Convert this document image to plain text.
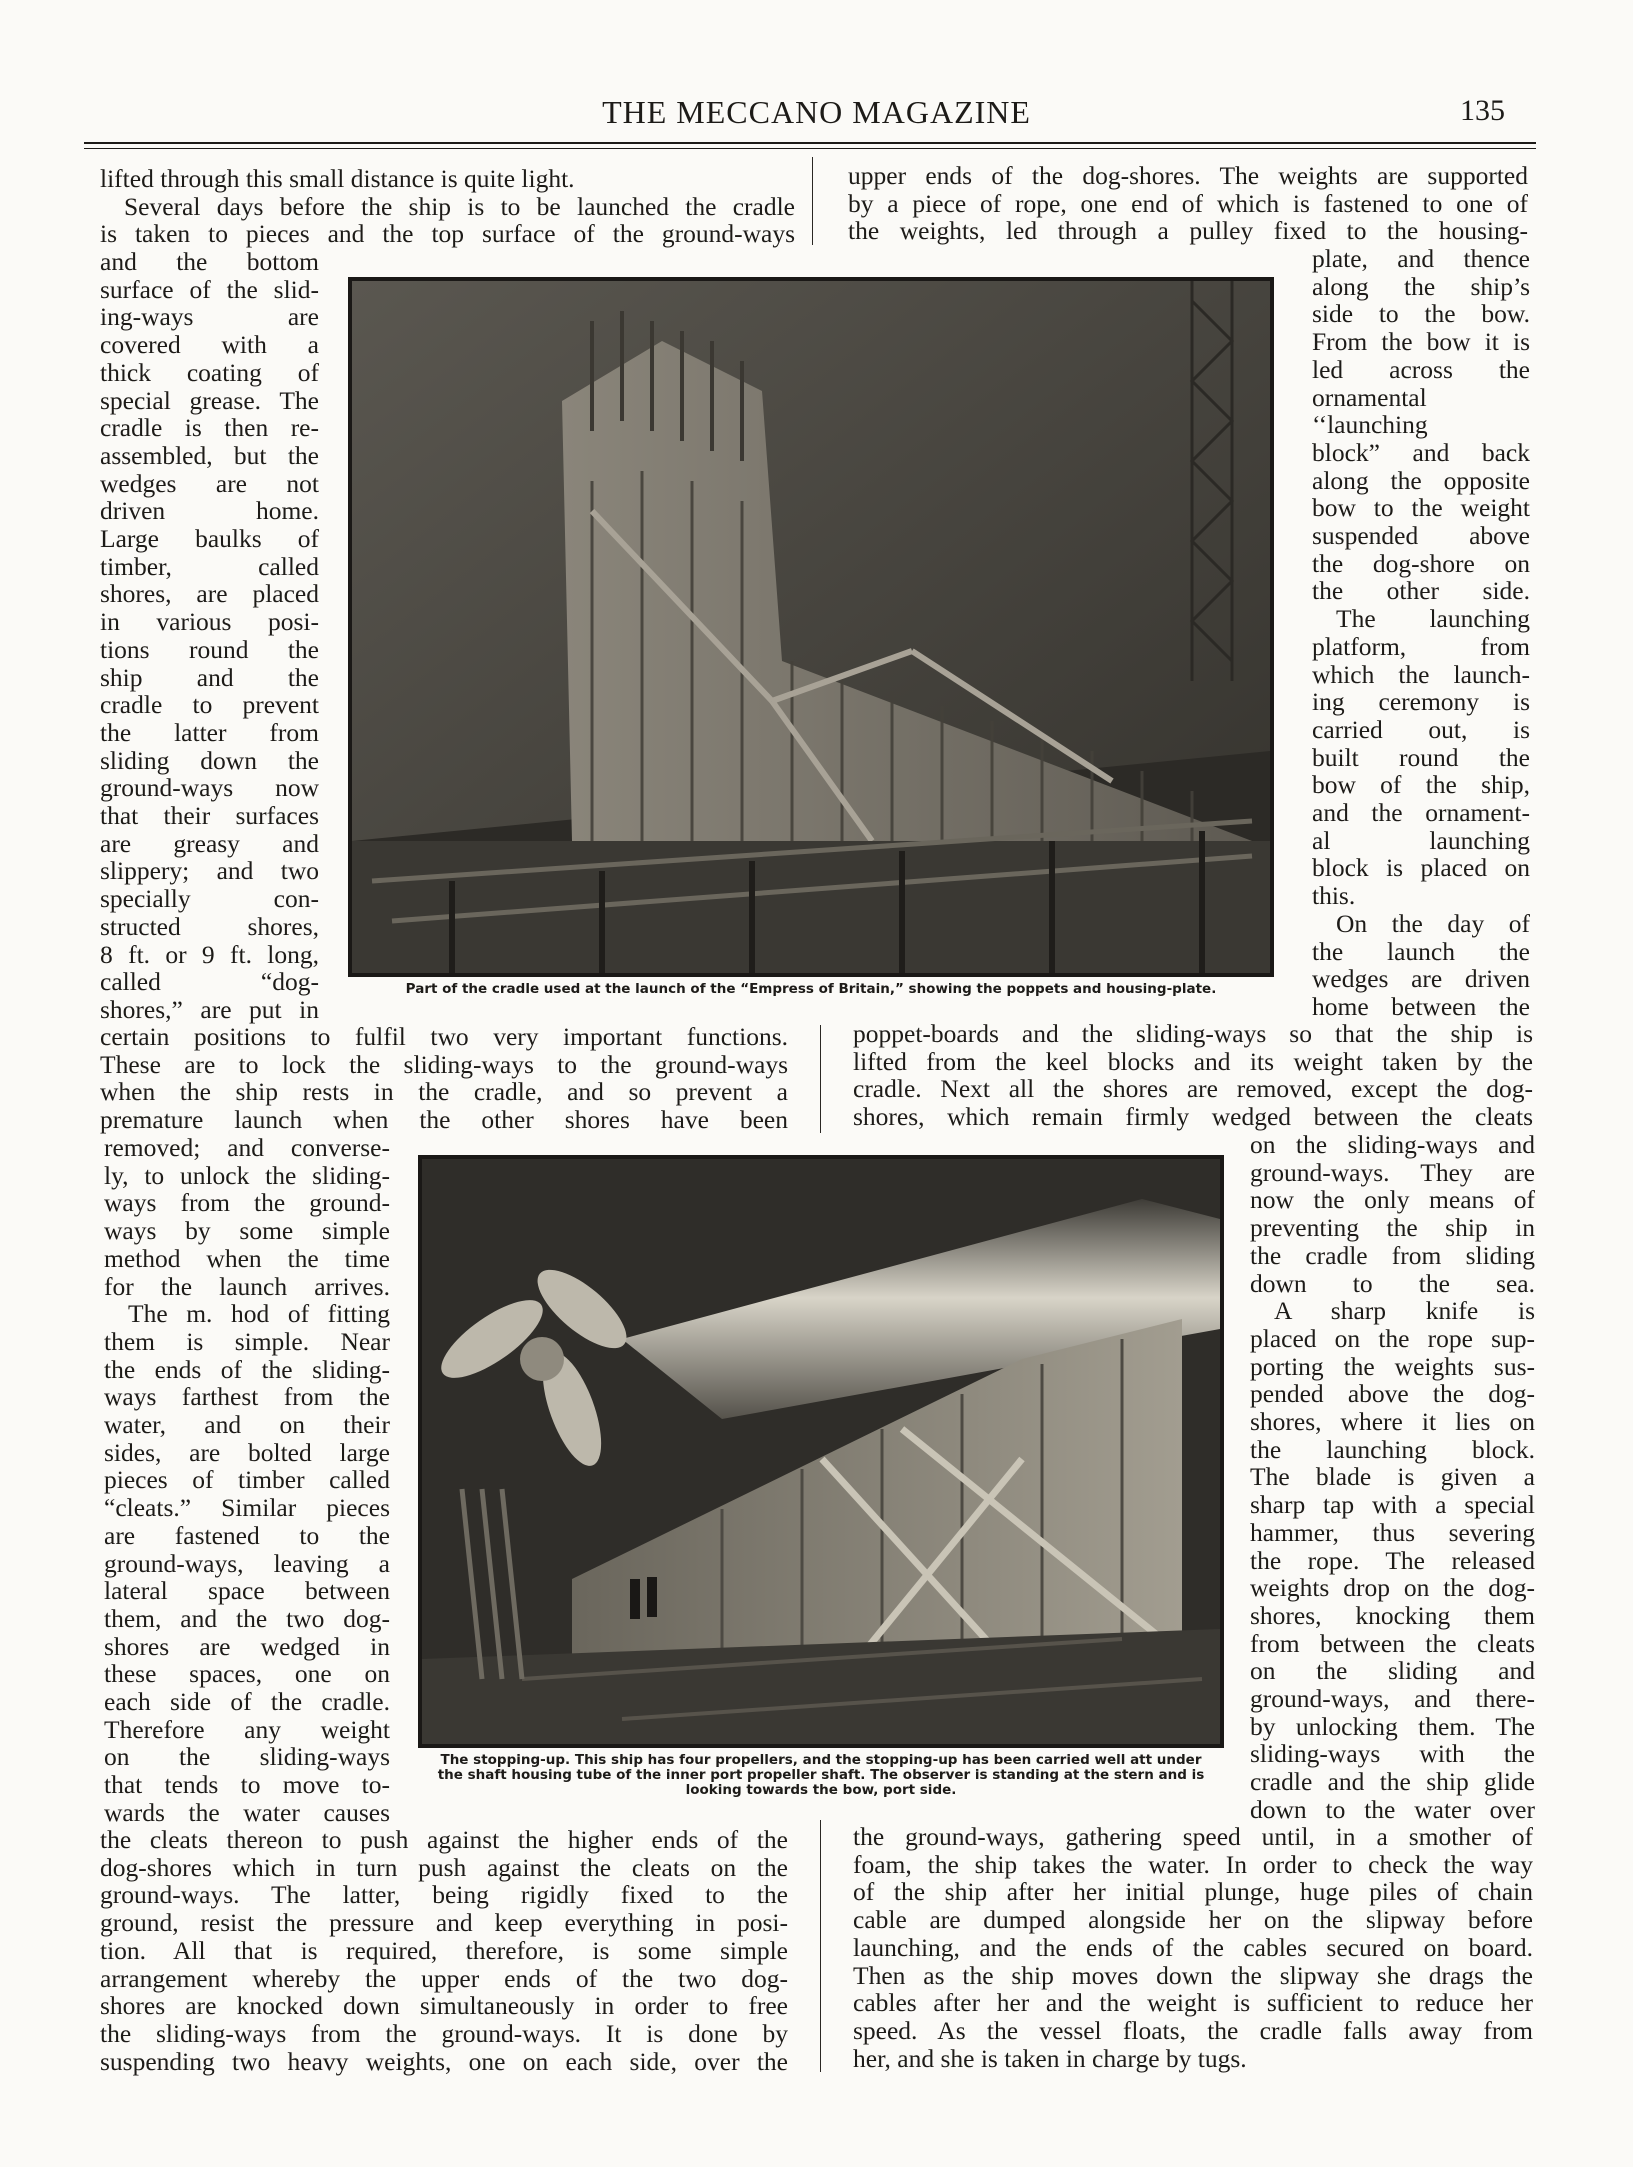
THE MECCANO MAGAZINE	135
lifted through this small distance is quite light.
Several days before the ship is to be launched the cradle
is taken to pieces and the top surface of the ground-ways
and the bottom
surface of the slid-
ing-ways are
covered with a
thick coating of
special grease. The
cradle is then re-
assembled, but the
wedges are not
driven home.
Large baulks of
timber, called
shores, are placed
in various posi-
tions round the
ship and the
cradle to prevent
the latter from
sliding down the
ground-ways now
that their surfaces
are greasy and
slippery; and two
specially con-
structed shores,
8 ft. or 9 ft. long,
called “dog-
shores,” are put in
certain positions to fulfil two very important functions.
These are to lock the sliding-ways to the ground-ways
when the ship rests in the cradle, and so prevent a
premature launch when the other shores have been
removed; and converse-
ly, to unlock the sliding-
ways from the ground-
ways by some simple
method when the time
for the launch arrives.
The m. hod of fitting
them is simple. Near
the ends of the sliding-
ways farthest from the
water, and on their
sides, are bolted large
pieces of timber called
“cleats.” Similar pieces
are fastened to the
ground-ways, leaving a
lateral space between
them, and the two dog-
shores are wedged in
these spaces, one on
each side of the cradle.
Therefore any weight
on the sliding-ways
that tends to move to-
wards the water causes
the cleats thereon to push against the higher ends of the
dog-shores which in turn push against the cleats on the
ground-ways. The latter, being rigidly fixed to the
ground, resist the pressure and keep everything in posi-
tion. All that is required, therefore, is some simple
arrangement whereby the upper ends of the two dog-
shores are knocked down simultaneously in order to free
the sliding-ways from the ground-ways. It is done by
suspending two heavy weights, one on each side, over the
upper ends of the dog-shores. The weights are supported
by a piece of rope, one end of which is fastened to one of
the weights, led through a pulley fixed to the housing-
plate, and thence
along the ship’s
side to the bow.
From the bow it is
led across the
ornamental
‘‘launching
block” and back
along the opposite
bow to the weight
suspended above
the dog-shore on
the other side.
The launching
platform, from
which the launch-
ing ceremony is
carried out, is
built round the
bow of the ship,
and the ornament-
al launching
block is placed on
this.
On the day of
the launch the
wedges are driven
home between the
poppet-boards and the sliding-ways so that the ship is
lifted from the keel blocks and its weight taken by the
cradle. Next all the shores are removed, except the dog-
shores, which remain firmly wedged between the cleats
on the sliding-ways and
ground-ways. They are
now the only means of
preventing the ship in
the cradle from sliding
down to the sea.
A sharp knife is
placed on the rope sup-
porting the weights sus-
pended above the dog-
shores, where it lies on
the launching block.
The blade is given a
sharp tap with a special
hammer, thus severing
the rope. The released
weights drop on the dog-
shores, knocking them
from between the cleats
on the sliding and
ground-ways, and there-
by unlocking them. The
sliding-ways with the
cradle and the ship glide
down to the water over
the ground-ways, gathering speed until, in a smother of
foam, the ship takes the water. In order to check the way
of the ship after her initial plunge, huge piles of chain
cable are dumped alongside her on the slipway before
launching, and the ends of the cables secured on board.
Then as the ship moves down the slipway she drags the
cables after her and the weight is sufficient to reduce her
speed. As the vessel floats, the cradle falls away from
her, and she is taken in charge by tugs.
Part of the cradle used at the launch of the “Empress of Britain,” showing the poppets and housing-plate.
The stopping-up. This ship has four propellers, and the stopping-up has been carried well att under
the shaft housing tube of the inner port propeller shaft. The observer is standing at the stern and is
looking towards the bow, port side.
